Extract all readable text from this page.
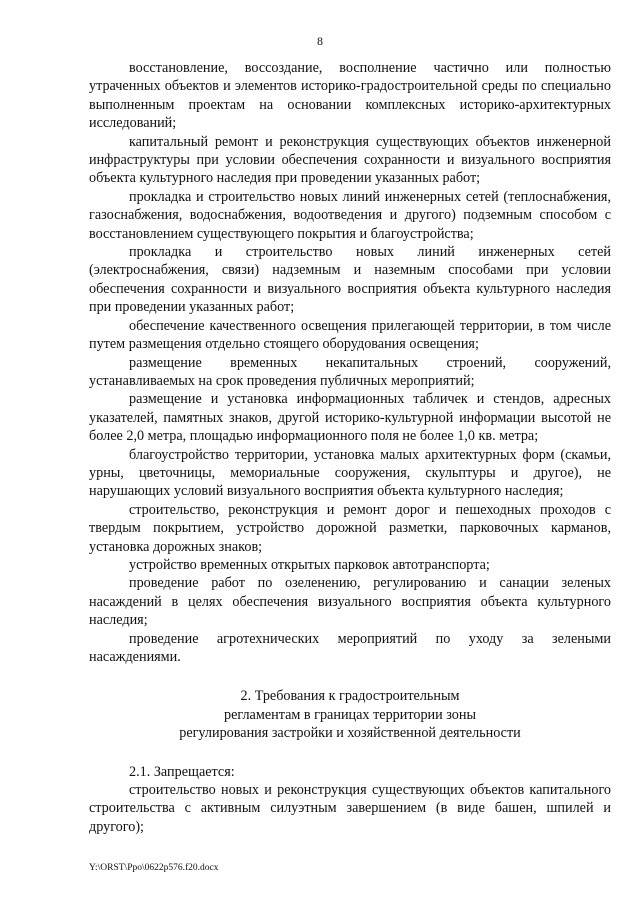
8

восстановление, воссоздание, восполнение частично или полностью утраченных объектов и элементов историко-градостроительной среды по специально выполненным проектам на основании комплексных историко-архитектурных исследований;

капитальный ремонт и реконструкция существующих объектов инженерной инфраструктуры при условии обеспечения сохранности и визуального восприятия объекта культурного наследия при проведении указанных работ;

прокладка и строительство новых линий инженерных сетей (теплоснабжения, газоснабжения, водоснабжения, водоотведения и другого) подземным способом с восстановлением существующего покрытия и благоустройства;

прокладка и строительство новых линий инженерных сетей (электроснабжения, связи) надземным и наземным способами при условии обеспечения сохранности и визуального восприятия объекта культурного наследия при проведении указанных работ;

обеспечение качественного освещения прилегающей территории, в том числе путем размещения отдельно стоящего оборудования освещения;

размещение временных некапитальных строений, сооружений, устанавливаемых на срок проведения публичных мероприятий;

размещение и установка информационных табличек и стендов, адресных указателей, памятных знаков, другой историко-культурной информации высотой не более 2,0 метра, площадью информационного поля не более 1,0 кв. метра;

благоустройство территории, установка малых архитектурных форм (скамьи, урны, цветочницы, мемориальные сооружения, скульптуры и другое), не нарушающих условий визуального восприятия объекта культурного наследия;

строительство, реконструкция и ремонт дорог и пешеходных проходов с твердым покрытием, устройство дорожной разметки, парковочных карманов, установка дорожных знаков;

устройство временных открытых парковок автотранспорта;

проведение работ по озеленению, регулированию и санации зеленых насаждений в целях обеспечения визуального восприятия объекта культурного наследия;

проведение агротехнических мероприятий по уходу за зелеными насаждениями.

2. Требования к градостроительным
регламентам в границах территории зоны
регулирования застройки и хозяйственной деятельности

2.1. Запрещается:

строительство новых и реконструкция существующих объектов капитального строительства с активным силуэтным завершением (в виде башен, шпилей и другого);

Y:\ORST\Ppo\0622p576.f20.docx
